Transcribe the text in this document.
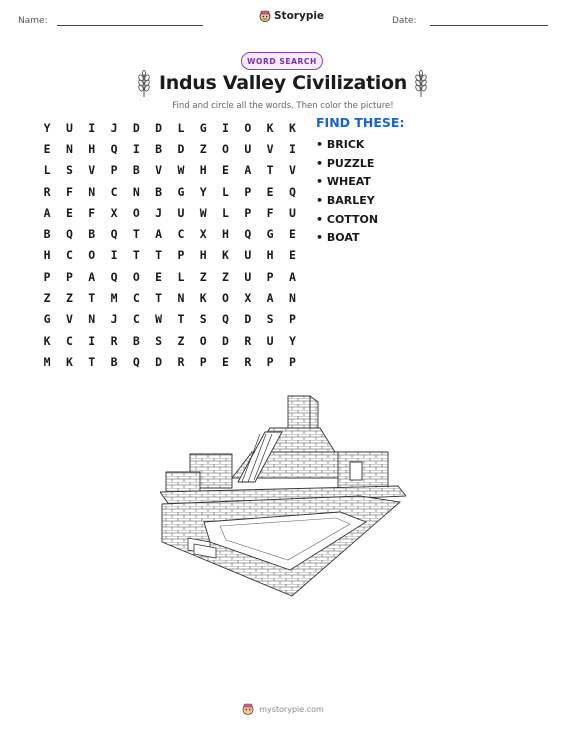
Name:	Storypie	Date:
WORD SEARCH
Indus Valley Civilization
Find and circle all the words. Then color the picture!
Y	U	I	J	D	D	L	G	I	O	K	K
E	N	H	Q	I	B	D	Z	O	U	V	I
L	S	V	P	B	V	W	H	E	A	T	V
R	F	N	C	N	B	G	Y	L	P	E	Q
A	E	F	X	O	J	U	W	L	P	F	U
B	Q	B	Q	T	A	C	X	H	Q	G	E
H	C	O	I	T	T	P	H	K	U	H	E
P	P	A	Q	O	E	L	Z	Z	U	P	A
Z	Z	T	M	C	T	N	K	O	X	A	N
G	V	N	J	C	W	T	S	Q	D	S	P
K	C	I	R	B	S	Z	O	D	R	U	Y
M	K	T	B	Q	D	R	P	E	R	P	P
FIND THESE:
• BRICK
• PUZZLE
• WHEAT
• BARLEY
• COTTON
• BOAT
mystorypie.com
